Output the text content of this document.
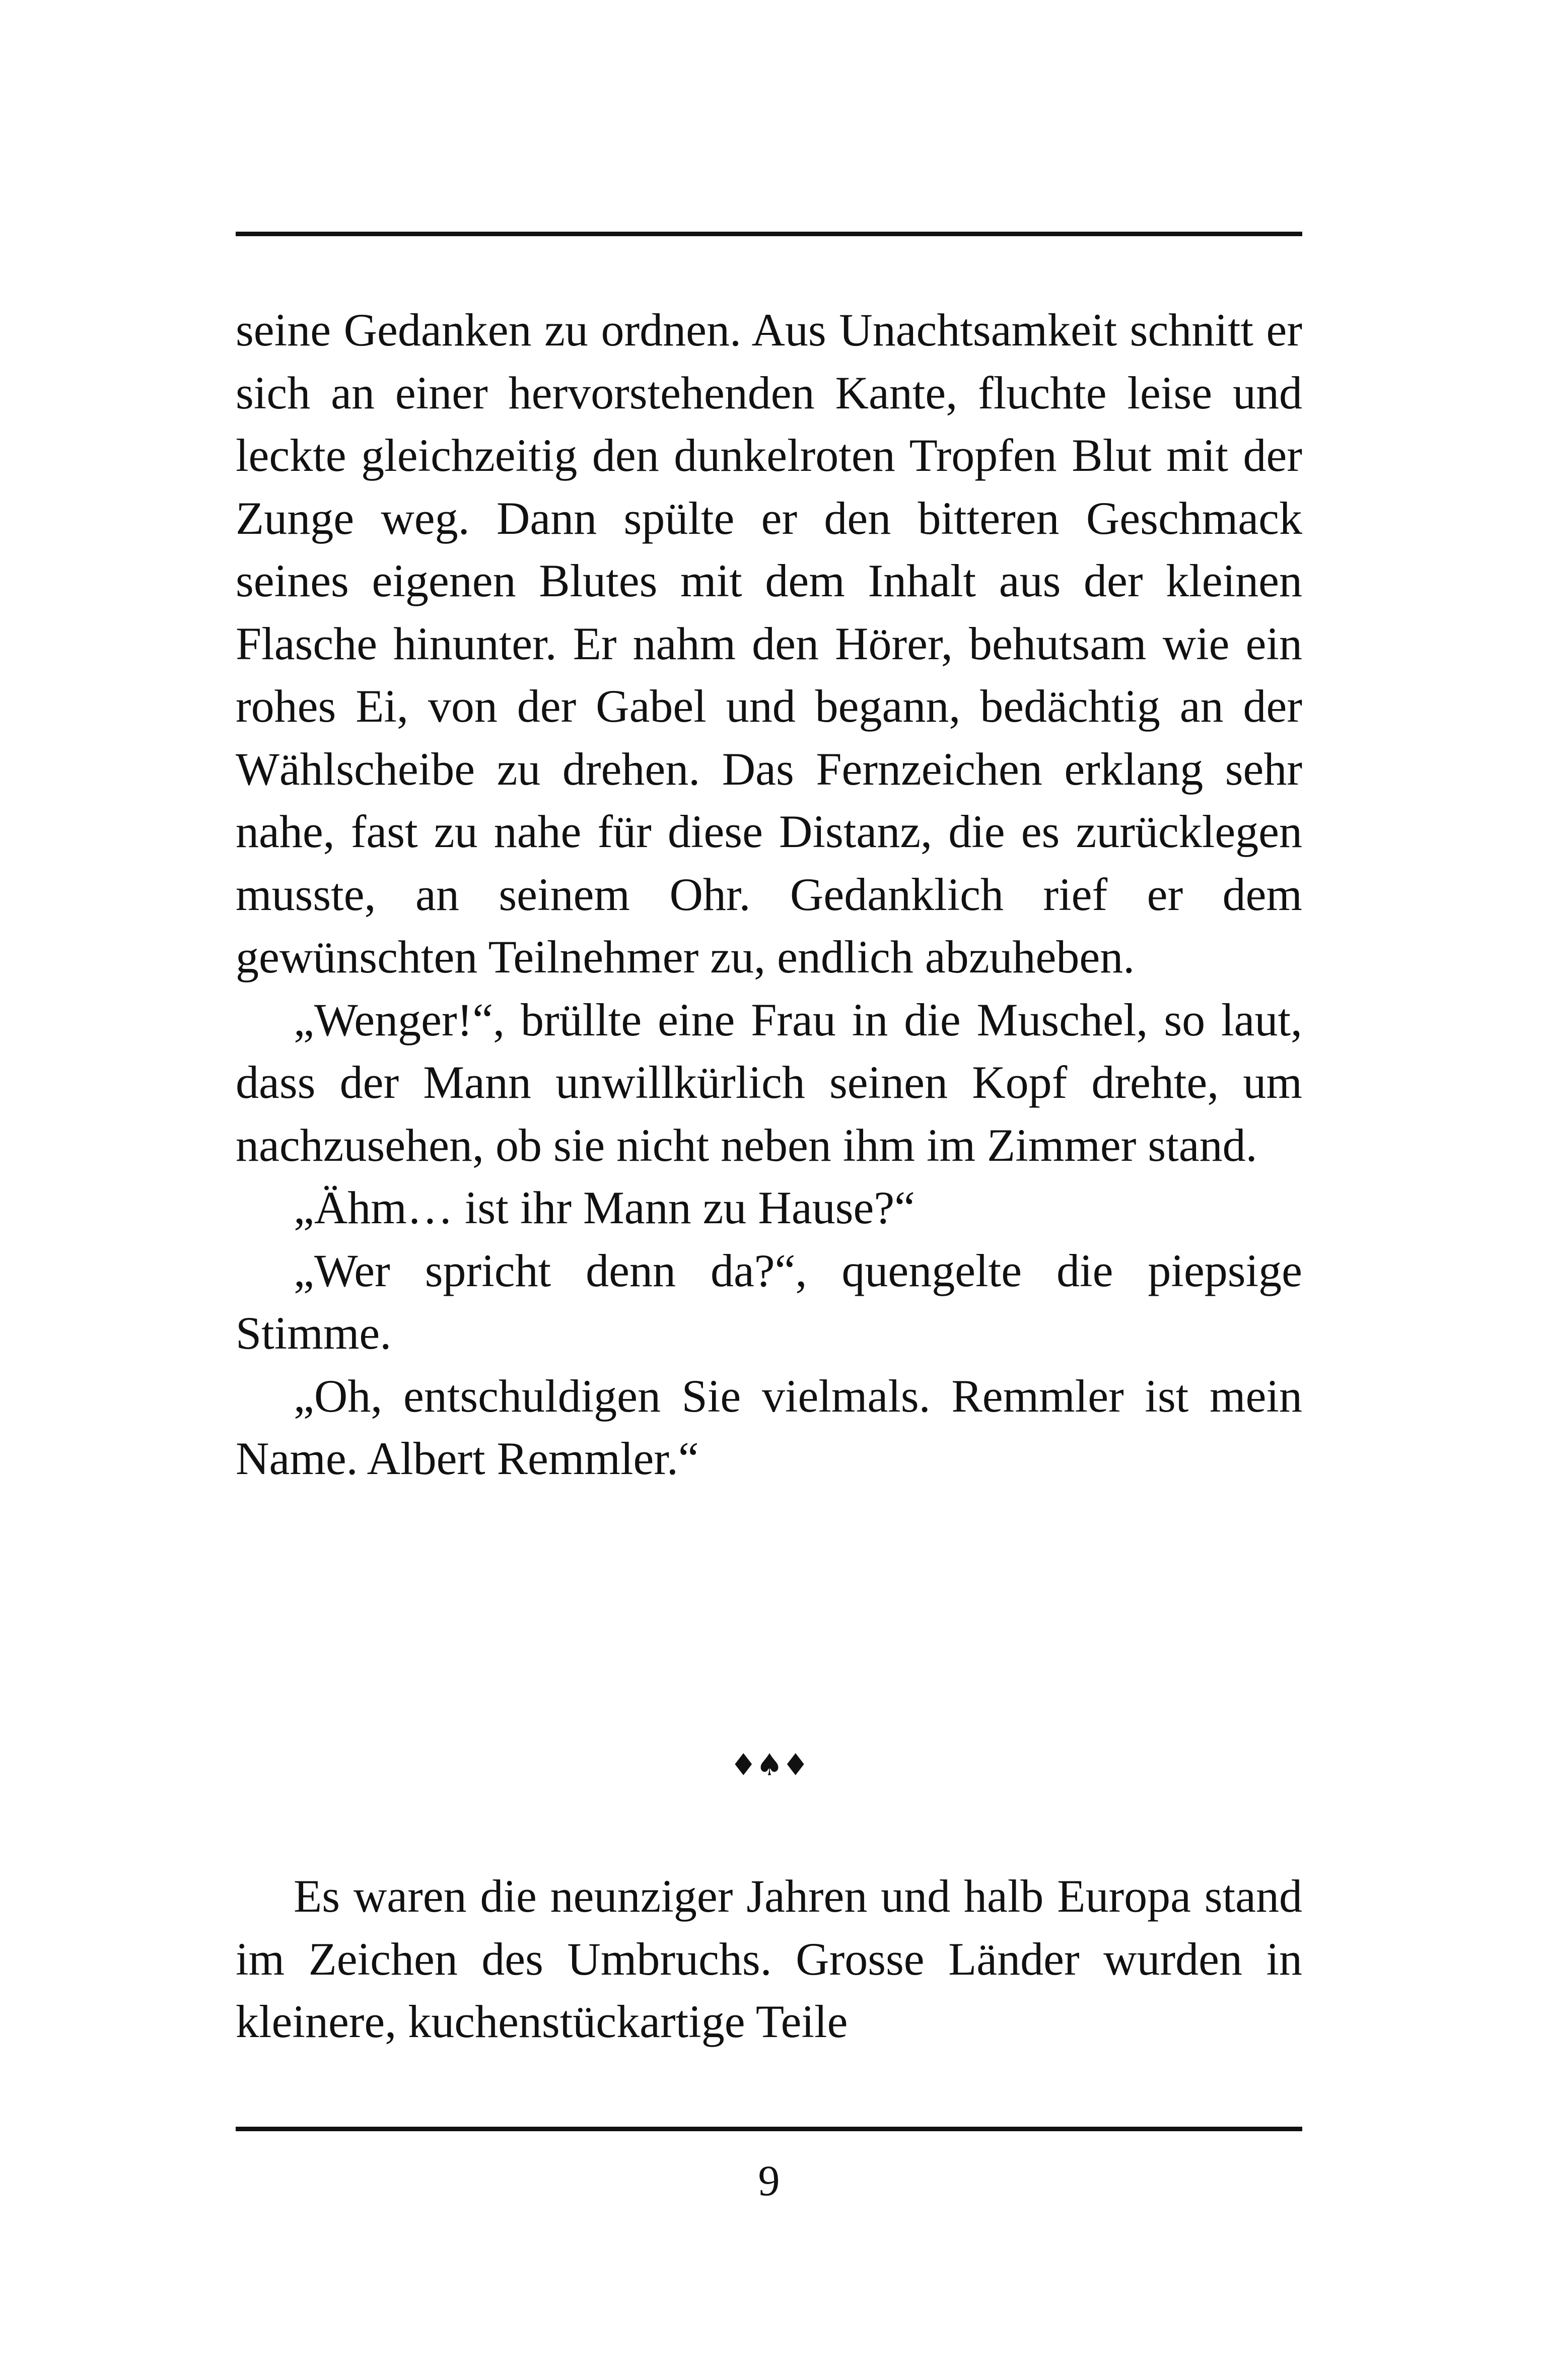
seine Gedanken zu ordnen. Aus Unachtsamkeit schnitt er sich an einer hervorstehenden Kante, fluchte leise und leckte gleichzeitig den dunkelroten Tropfen Blut mit der Zunge weg. Dann spülte er den bitteren Geschmack seines eigenen Blutes mit dem Inhalt aus der kleinen Flasche hinunter. Er nahm den Hörer, behutsam wie ein rohes Ei, von der Gabel und begann, bedächtig an der Wählscheibe zu drehen. Das Fernzeichen erklang sehr nahe, fast zu nahe für diese Distanz, die es zurücklegen musste, an seinem Ohr. Gedanklich rief er dem gewünschten Teilnehmer zu, endlich abzuheben.

„Wenger!“, brüllte eine Frau in die Muschel, so laut, dass der Mann unwillkürlich seinen Kopf drehte, um nachzusehen, ob sie nicht neben ihm im Zimmer stand.

„Ähm… ist ihr Mann zu Hause?“

„Wer spricht denn da?“, quengelte die piepsige Stimme.

„Oh, entschuldigen Sie vielmals. Remmler ist mein Name. Albert Remmler.“

♦♠♦

Es waren die neunziger Jahren und halb Europa stand im Zeichen des Umbruchs. Grosse Länder wurden in kleinere, kuchenstückartige Teile

9
